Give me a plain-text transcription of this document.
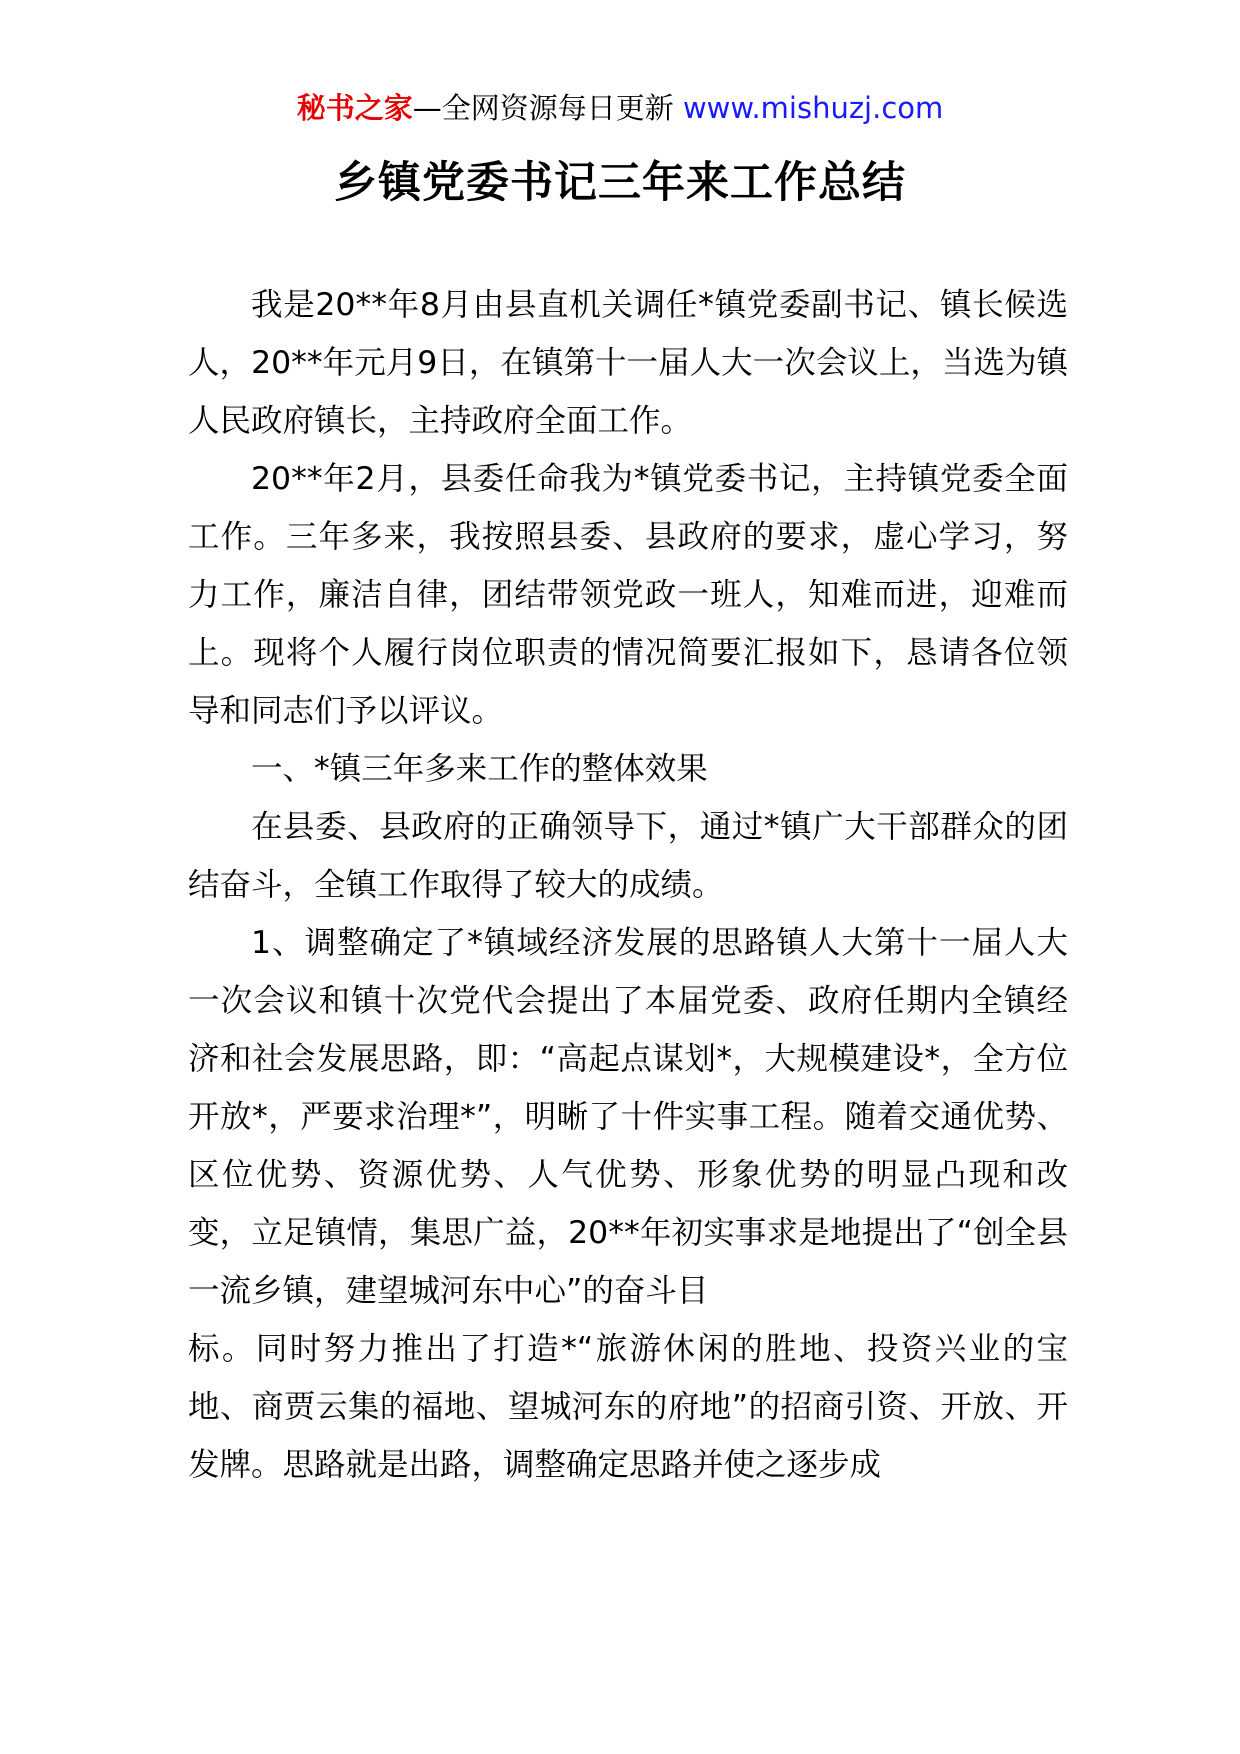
秘书之家—全网资源每日更新 www.mishuzj.com
乡镇党委书记三年来工作总结

我是20**年8月由县直机关调任*镇党委副书记、镇长候选人，20**年元月9日，在镇第十一届人大一次会议上，当选为镇人民政府镇长，主持政府全面工作。

20**年2月，县委任命我为*镇党委书记，主持镇党委全面工作。三年多来，我按照县委、县政府的要求，虚心学习，努力工作，廉洁自律，团结带领党政一班人，知难而进，迎难而上。现将个人履行岗位职责的情况简要汇报如下，恳请各位领导和同志们予以评议。

一、*镇三年多来工作的整体效果

在县委、县政府的正确领导下，通过*镇广大干部群众的团结奋斗，全镇工作取得了较大的成绩。

1、调整确定了*镇域经济发展的思路镇人大第十一届人大一次会议和镇十次党代会提出了本届党委、政府任期内全镇经济和社会发展思路，即：“高起点谋划*，大规模建设*，全方位开放*，严要求治理*”，明晰了十件实事工程。随着交通优势、区位优势、资源优势、人气优势、形象优势的明显凸现和改变，立足镇情，集思广益，20**年初实事求是地提出了“创全县一流乡镇，建望城河东中心”的奋斗目

标。同时努力推出了打造*“旅游休闲的胜地、投资兴业的宝地、商贾云集的福地、望城河东的府地”的招商引资、开放、开发牌。思路就是出路，调整确定思路并使之逐步成
